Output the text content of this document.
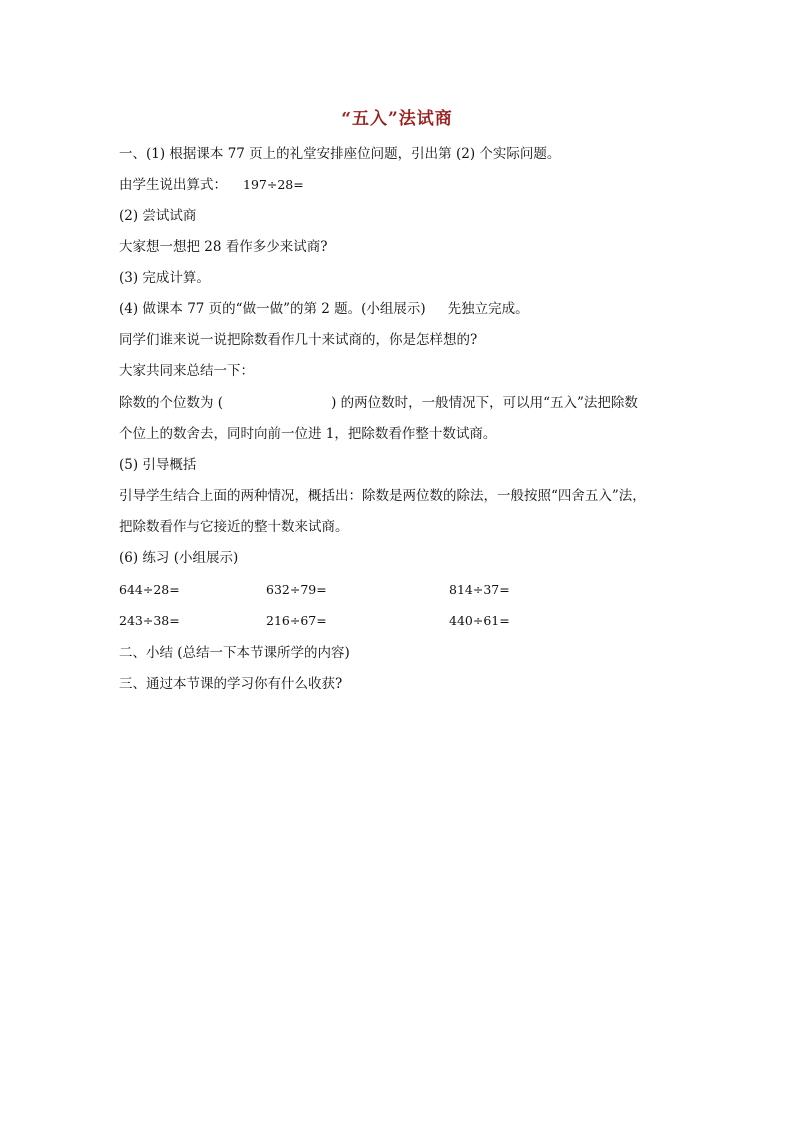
“五入”法试商
一、(1) 根据课本 77 页上的礼堂安排座位问题，引出第 (2) 个实际问题。
由学生说出算式： 197÷28=
(2) 尝试试商
大家想一想把 28 看作多少来试商?
(3) 完成计算。
(4) 做课本 77 页的“做一做”的第 2 题。(小组展示) 先独立完成。
同学们谁来说一说把除数看作几十来试商的，你是怎样想的?
大家共同来总结一下：
除数的个位数为 (	) 的两位数时，一般情况下，可以用“五入”法把除数
个位上的数舍去，同时向前一位进 1，把除数看作整十数试商。
(5) 引导概括
引导学生结合上面的两种情况，概括出：除数是两位数的除法，一般按照“四舍五入”法，
把除数看作与它接近的整十数来试商。
(6) 练习 (小组展示)
644÷28=	632÷79=	814÷37=
243÷38=	216÷67=	440÷61=
二、小结 (总结一下本节课所学的内容)
三、通过本节课的学习你有什么收获?
